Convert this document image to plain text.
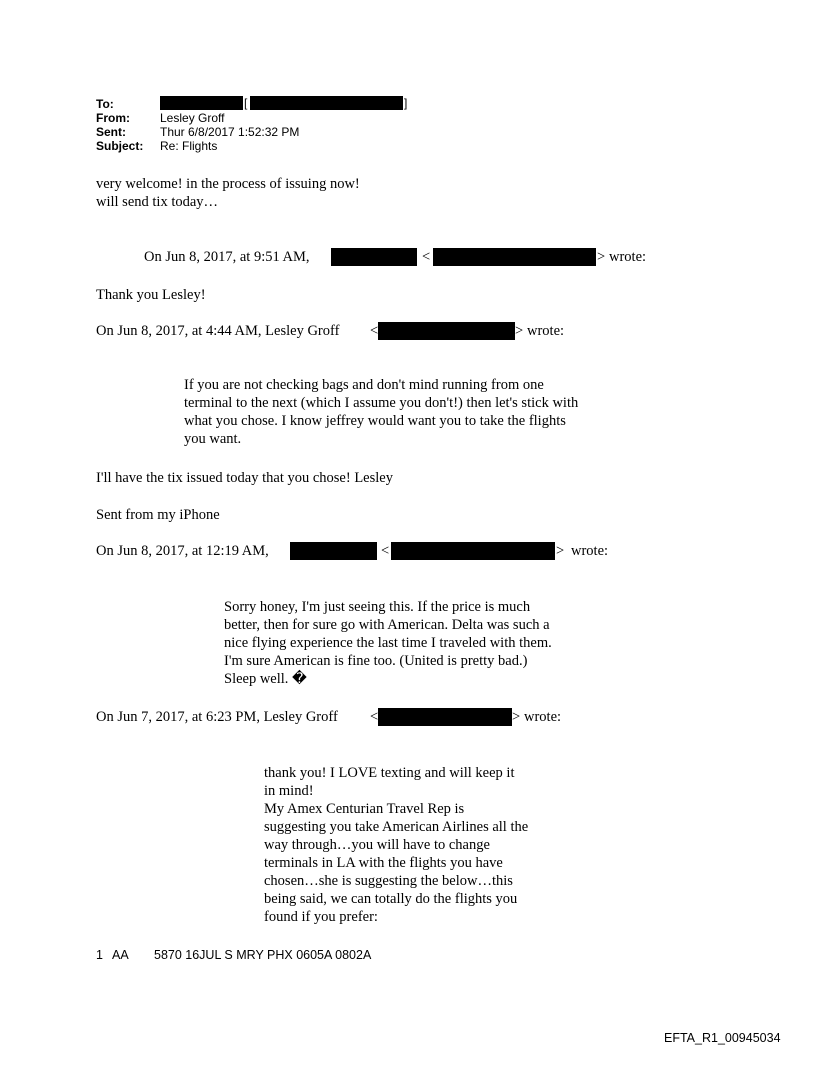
To:	[	]
From:	Lesley Groff
Sent:	Thur 6/8/2017 1:52:32 PM
Subject: Re: Flights
very welcome! in the process of issuing now!
will send tix today…
On Jun 8, 2017, at 9:51 AM,	<	> wrote:
Thank you Lesley!
On Jun 8, 2017, at 4:44 AM, Lesley Groff <	> wrote:
If you are not checking bags and don't mind running from one
terminal to the next (which I assume you don't!) then let's stick with
what you chose. I know jeffrey would want you to take the flights
you want.
I'll have the tix issued today that you chose! Lesley
Sent from my iPhone
On Jun 8, 2017, at 12:19 AM,	<	> wrote:
Sorry honey, I'm just seeing this. If the price is much
better, then for sure go with American. Delta was such a
nice flying experience the last time I traveled with them.
I'm sure American is fine too. (United is pretty bad.)
Sleep well. �
On Jun 7, 2017, at 6:23 PM, Lesley Groff <	> wrote:
thank you! I LOVE texting and will keep it
in mind!
My Amex Centurian Travel Rep is
suggesting you take American Airlines all the
way through…you will have to change
terminals in LA with the flights you have
chosen…she is suggesting the below…this
being said, we can totally do the flights you
found if you prefer:
1 AA 5870 16JUL S MRY PHX 0605A 0802A
EFTA_R1_00945034
